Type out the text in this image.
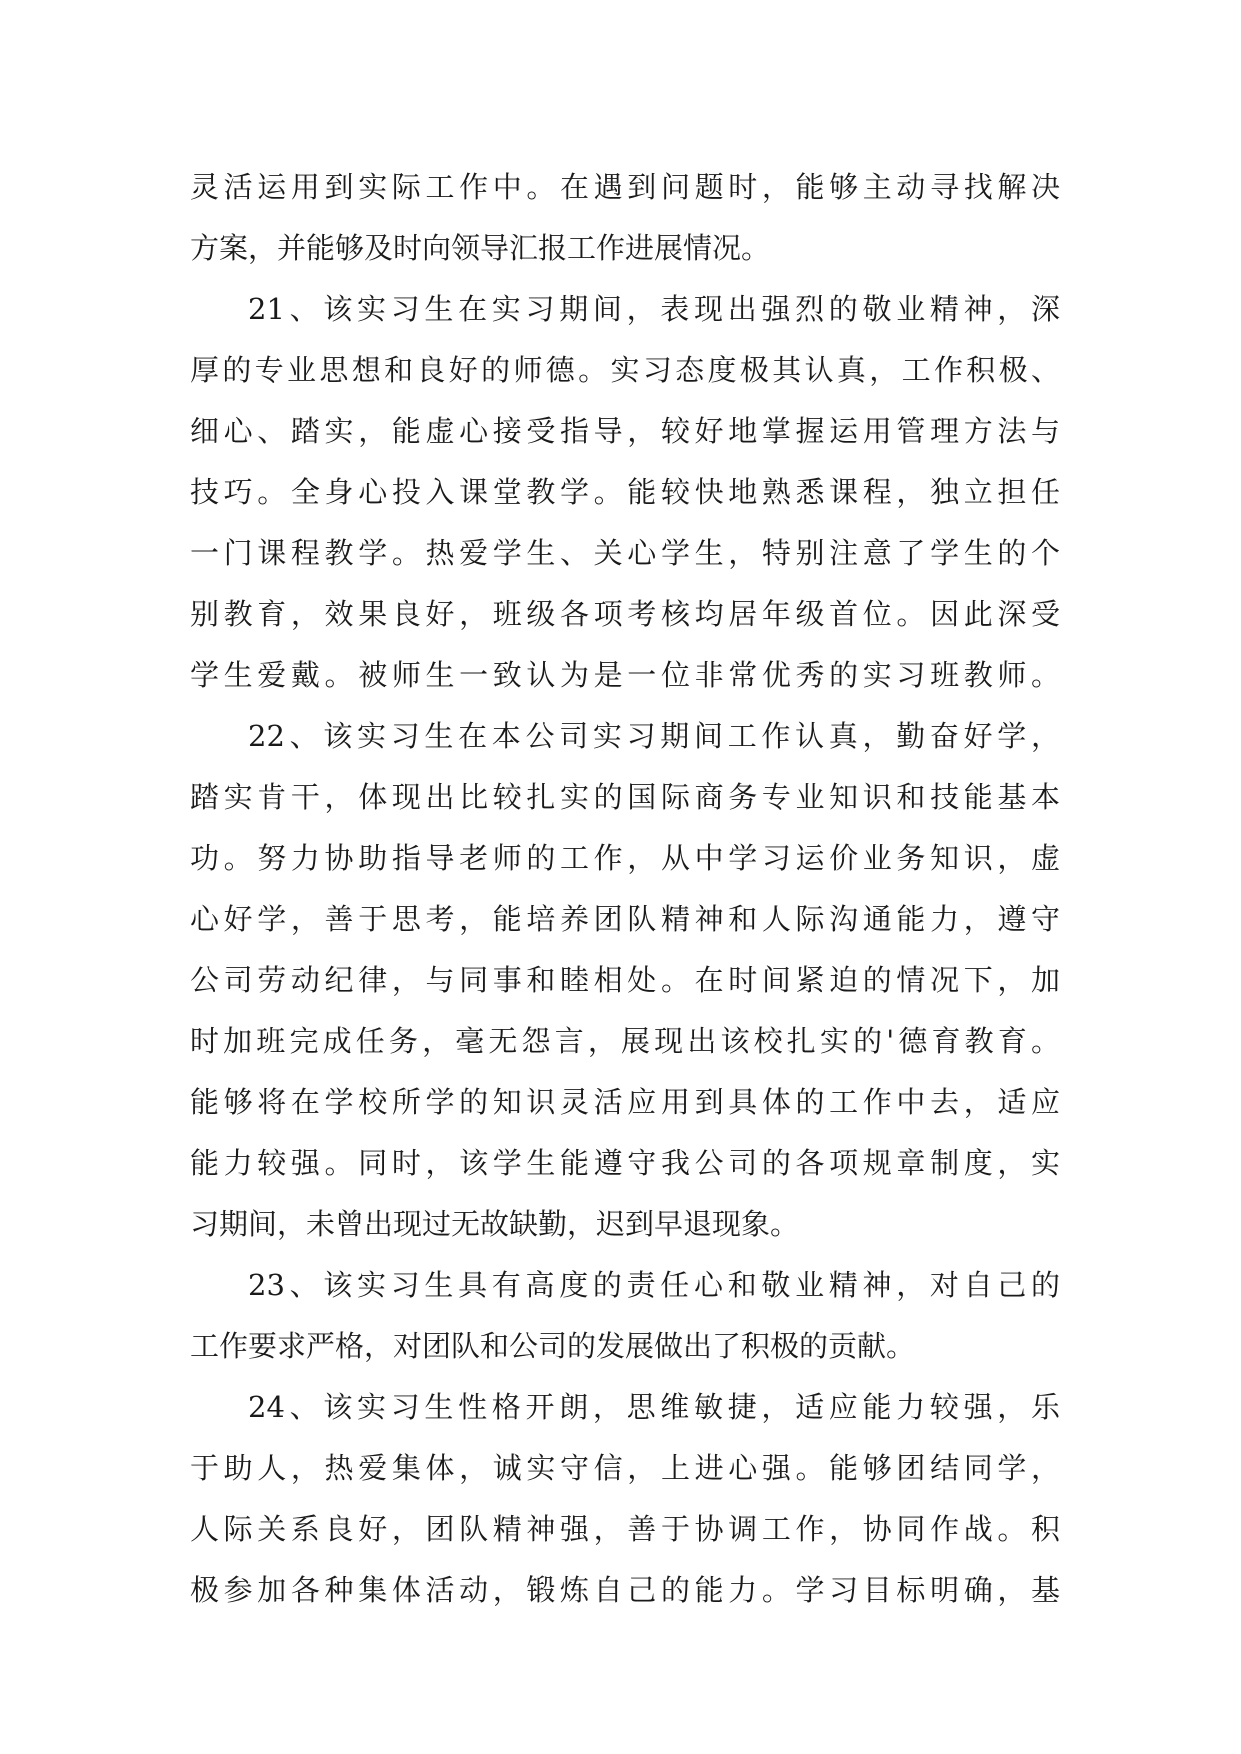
灵活运用到实际工作中。在遇到问题时，能够主动寻找解决
方案，并能够及时向领导汇报工作进展情况。
21、该实习生在实习期间，表现出强烈的敬业精神，深
厚的专业思想和良好的师德。实习态度极其认真，工作积极、
细心、踏实，能虚心接受指导，较好地掌握运用管理方法与
技巧。全身心投入课堂教学。能较快地熟悉课程，独立担任
一门课程教学。热爱学生、关心学生，特别注意了学生的个
别教育，效果良好，班级各项考核均居年级首位。因此深受
学生爱戴。被师生一致认为是一位非常优秀的实习班教师。
22、该实习生在本公司实习期间工作认真，勤奋好学，
踏实肯干，体现出比较扎实的国际商务专业知识和技能基本
功。努力协助指导老师的工作，从中学习运价业务知识，虚
心好学，善于思考，能培养团队精神和人际沟通能力，遵守
公司劳动纪律，与同事和睦相处。在时间紧迫的情况下，加
时加班完成任务，毫无怨言，展现出该校扎实的'德育教育。
能够将在学校所学的知识灵活应用到具体的工作中去，适应
能力较强。同时，该学生能遵守我公司的各项规章制度，实
习期间，未曾出现过无故缺勤，迟到早退现象。
23、该实习生具有高度的责任心和敬业精神，对自己的
工作要求严格，对团队和公司的发展做出了积极的贡献。
24、该实习生性格开朗，思维敏捷，适应能力较强，乐
于助人，热爱集体，诚实守信，上进心强。能够团结同学，
人际关系良好，团队精神强，善于协调工作，协同作战。积
极参加各种集体活动，锻炼自己的能力。学习目标明确，基
